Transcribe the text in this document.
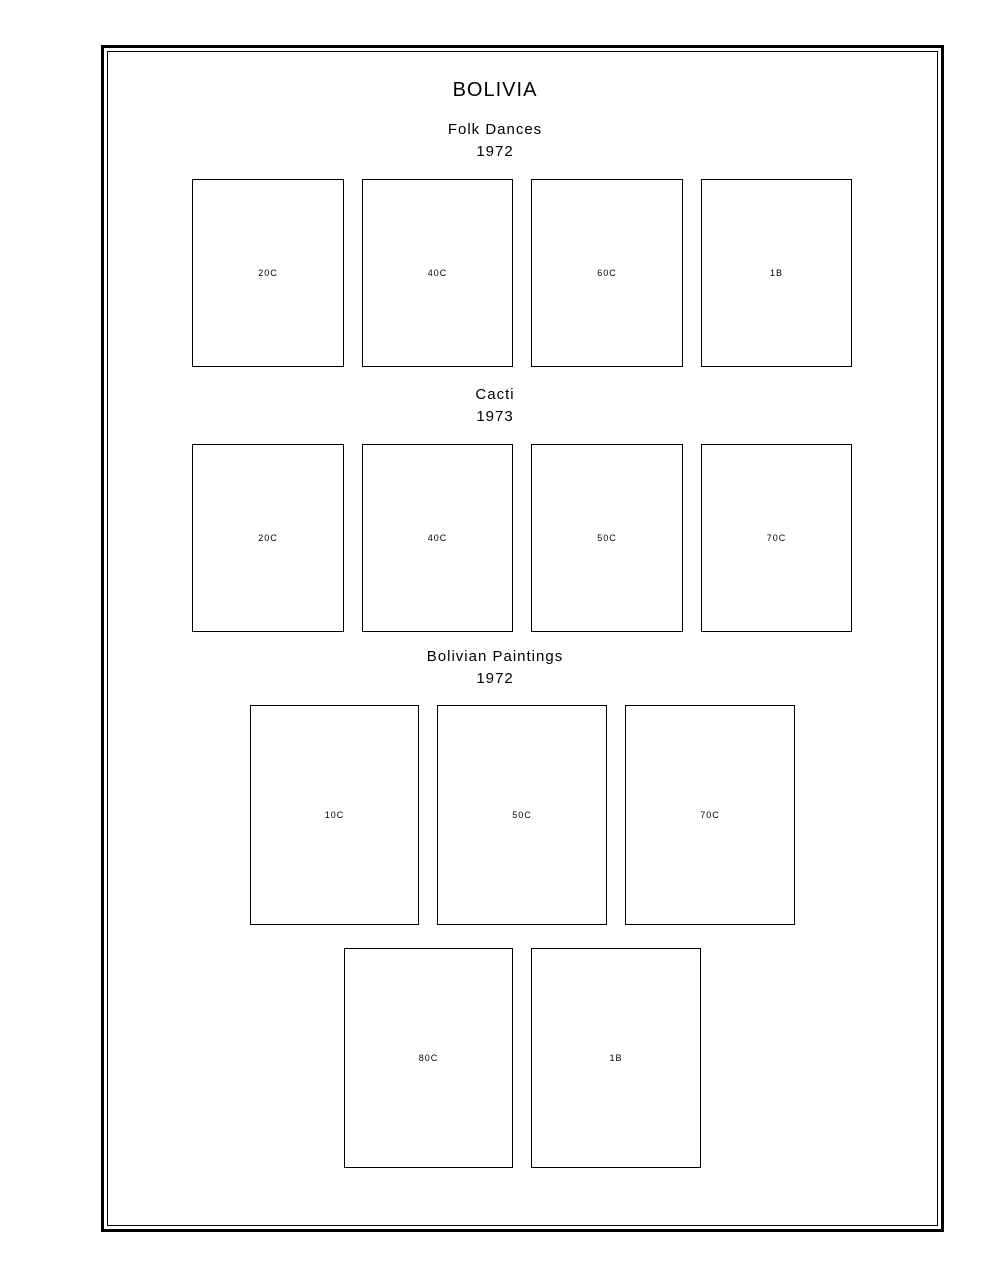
BOLIVIA
Folk Dances
1972
20C	40C	60C	1B
Cacti
1973
20C	40C	50C	70C
Bolivian Paintings
1972
10C	50C	70C
80C	1B
